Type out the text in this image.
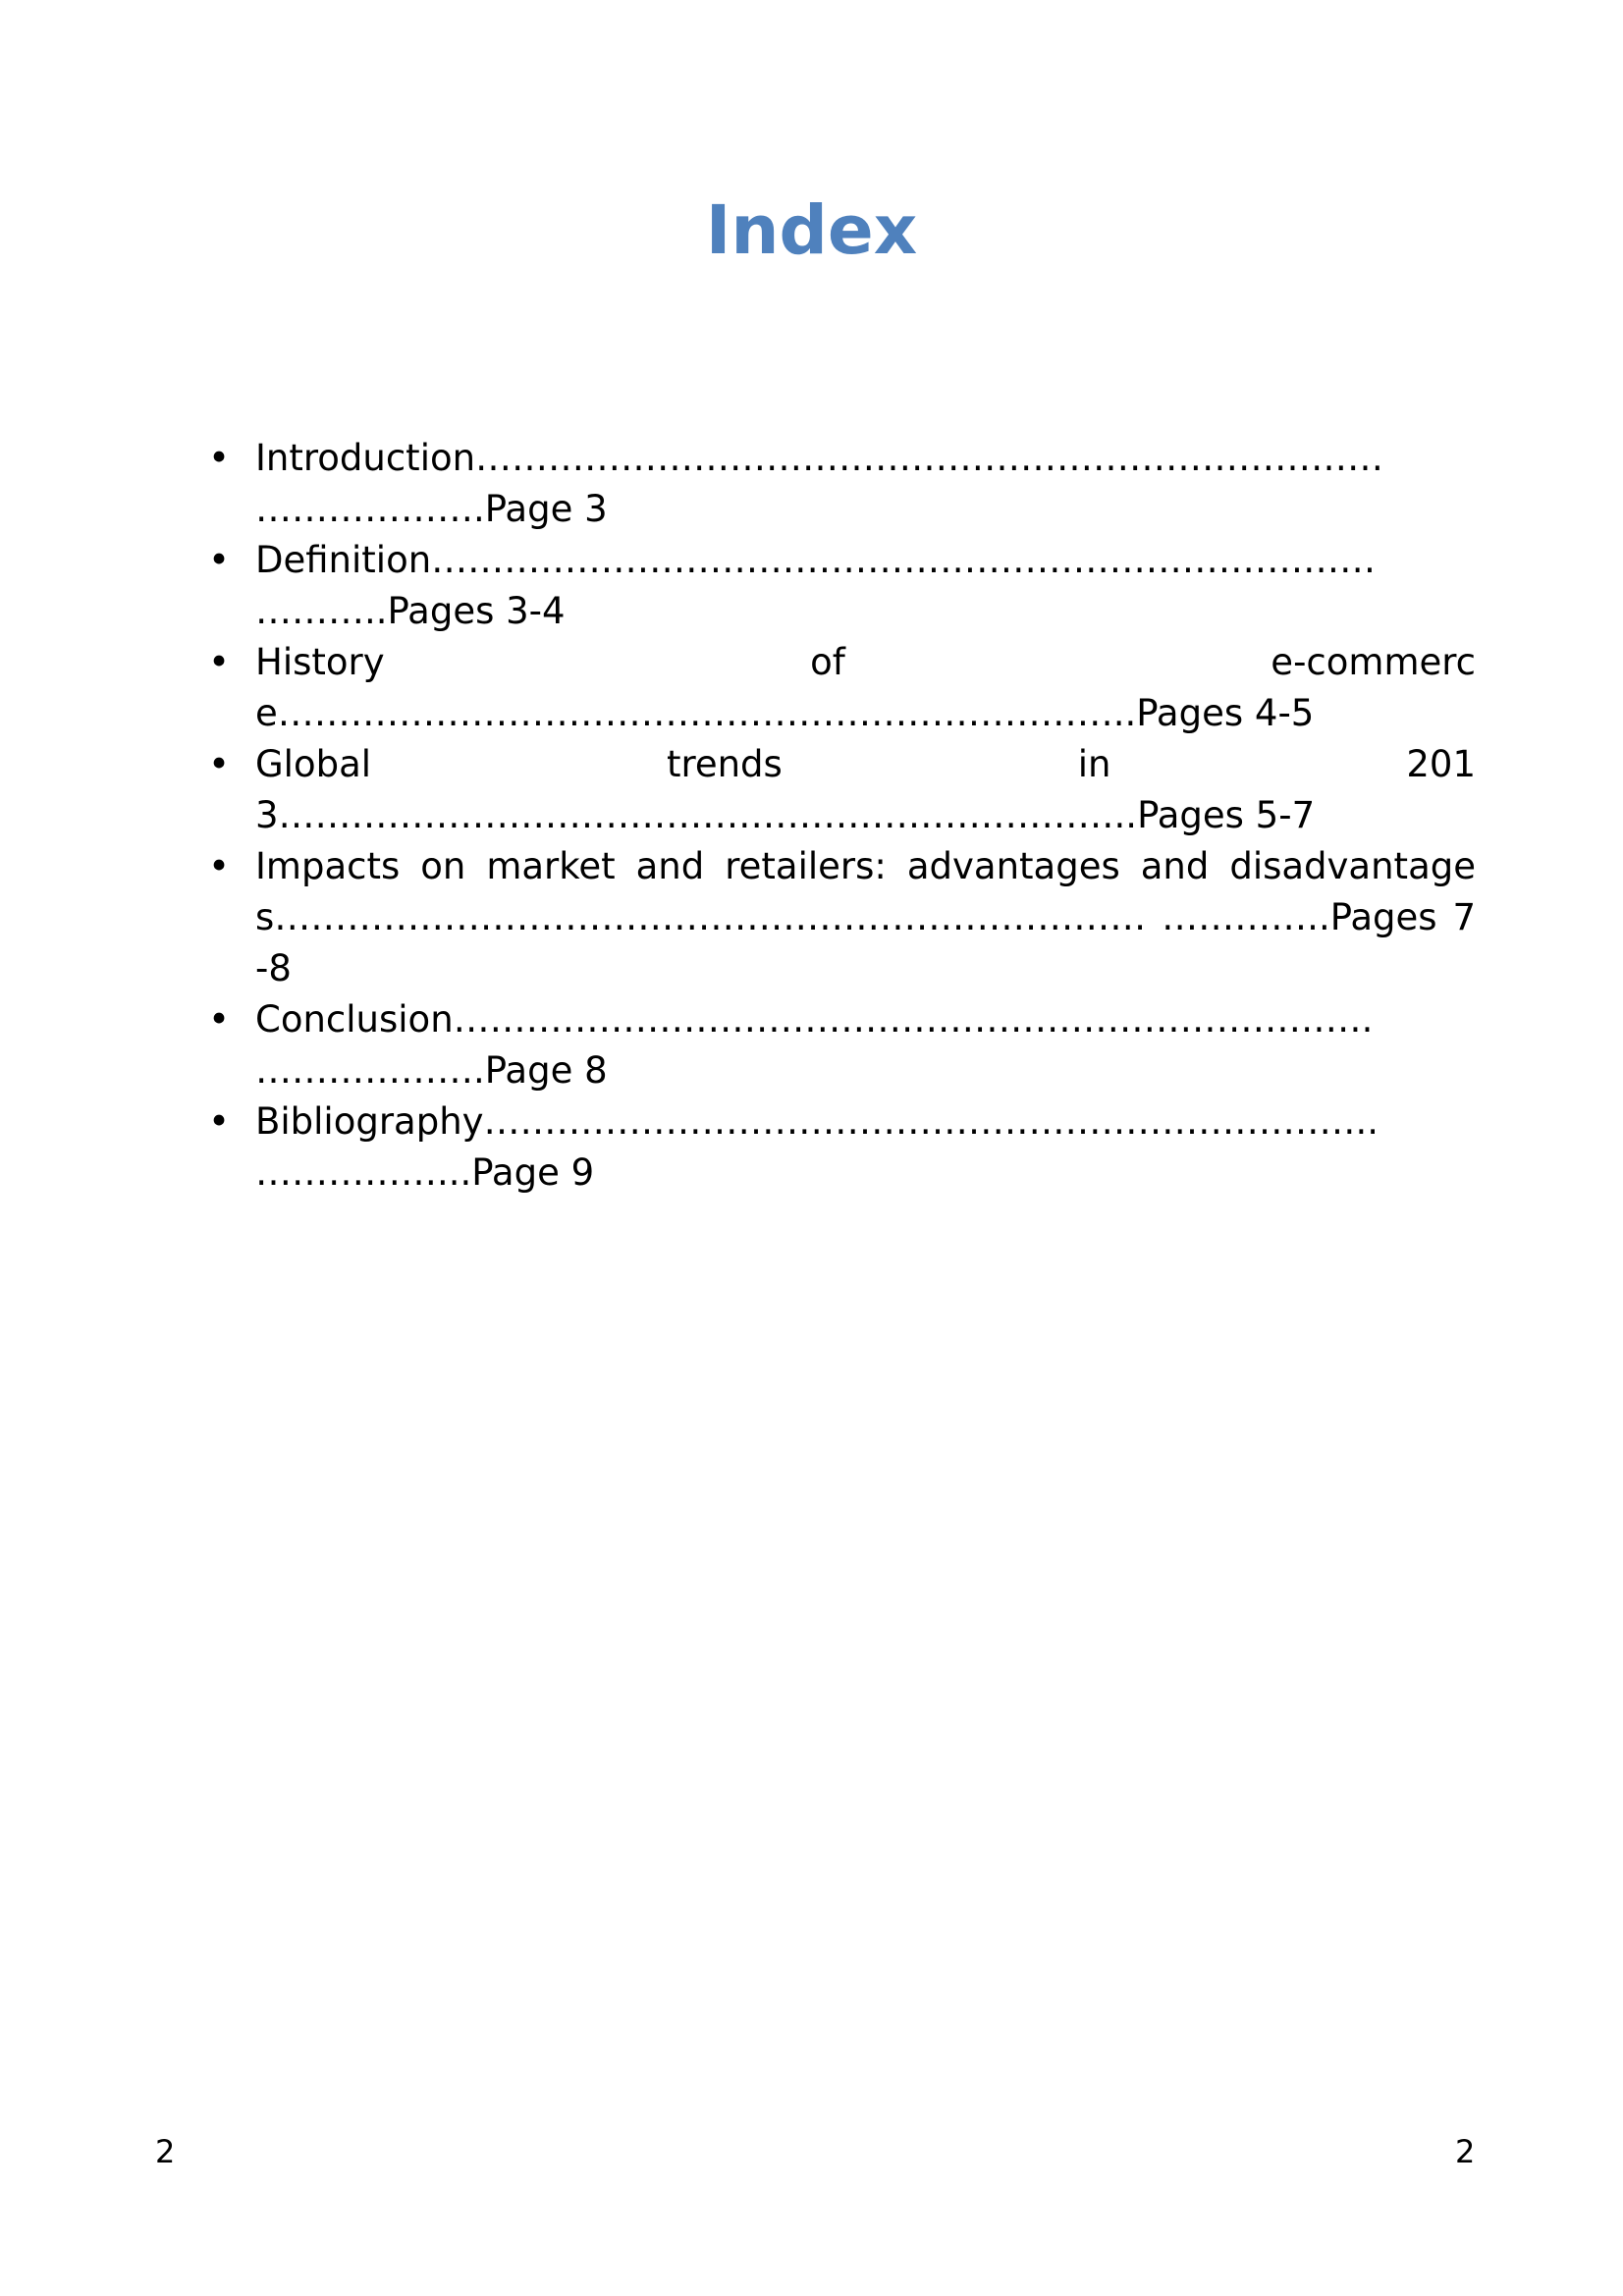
Index
• Introduction………………………………………………………………… ……………….Page 3
• Definition…………………………………………………………………… ………..Pages 3-4
• History of e-commerce……………………………………………………………..Pages 4-5
• Global trends in 2013……………………………………………………………..Pages 5-7
• Impacts on market and retailers: advantages and disadvantages……………………………………………………………… …………..Pages 7-8
• Conclusion…………………………………………………………………. ……………….Page 8
• Bibliography……………………………………………………………….. ……………...Page 9
2	2
